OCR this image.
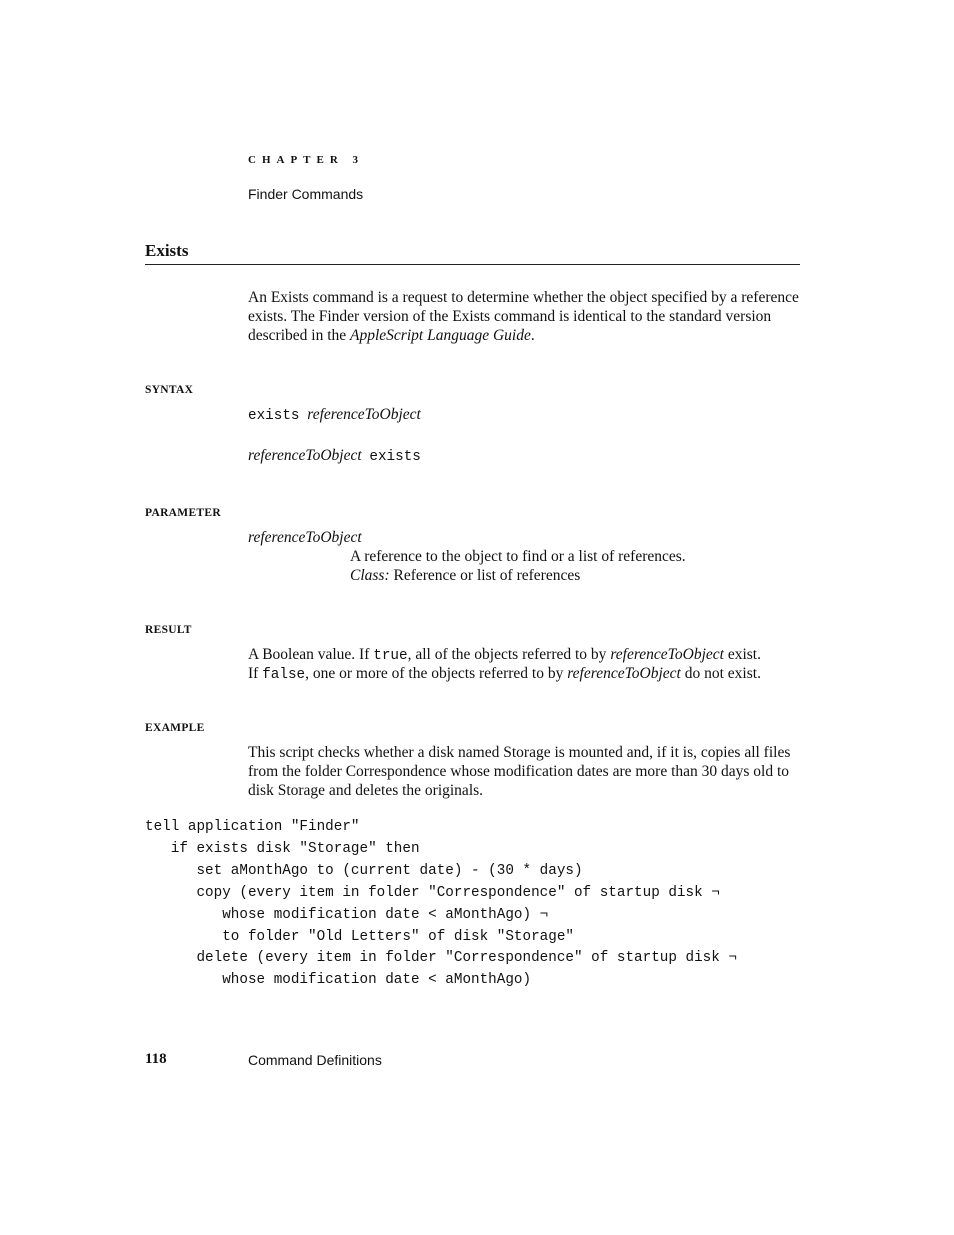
CHAPTER 3
Finder Commands
Exists
An Exists command is a request to determine whether the object specified by a reference exists. The Finder version of the Exists command is identical to the standard version described in the AppleScript Language Guide.
SYNTAX
exists referenceToObject
referenceToObject exists
PARAMETER
referenceToObject
A reference to the object to find or a list of references.
Class: Reference or list of references
RESULT
A Boolean value. If true, all of the objects referred to by referenceToObject exist.
If false, one or more of the objects referred to by referenceToObject do not exist.
EXAMPLE
This script checks whether a disk named Storage is mounted and, if it is, copies all files from the folder Correspondence whose modification dates are more than 30 days old to disk Storage and deletes the originals.
tell application "Finder"
if exists disk "Storage" then
set aMonthAgo to (current date) - (30 * days)
copy (every item in folder "Correspondence" of startup disk ¬
whose modification date < aMonthAgo) ¬
to folder "Old Letters" of disk "Storage"
delete (every item in folder "Correspondence" of startup disk ¬
whose modification date < aMonthAgo)
118	Command Definitions
